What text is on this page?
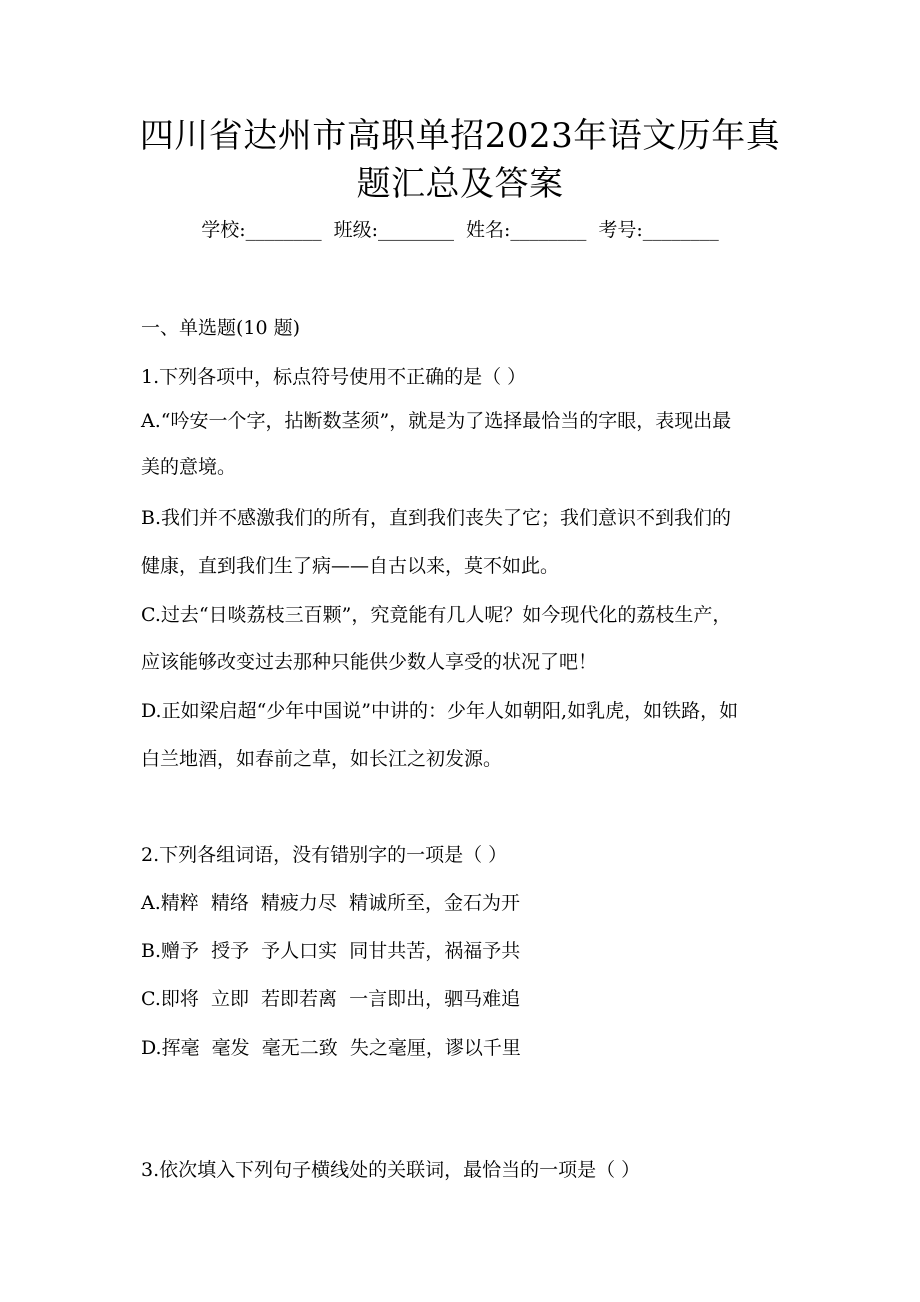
四川省达州市高职单招2023年语文历年真
题汇总及答案
学校:________ 班级:________ 姓名:________ 考号:________
一、单选题(10 题)
1.下列各项中，标点符号使用不正确的是（ ）
A.“吟安一个字，拈断数茎须”，就是为了选择最恰当的字眼，表现出最
美的意境。
B.我们并不感激我们的所有，直到我们丧失了它；我们意识不到我们的
健康，直到我们生了病——自古以来，莫不如此。
C.过去“日啖荔枝三百颗”，究竟能有几人呢？如今现代化的荔枝生产，
应该能够改变过去那种只能供少数人享受的状况了吧！
D.正如梁启超“少年中国说”中讲的：少年人如朝阳,如乳虎，如铁路，如
白兰地酒，如春前之草，如长江之初发源。
2.下列各组词语，没有错别字的一项是（ ）
A.精粹  精络  精疲力尽  精诚所至，金石为开
B.赠予  授予  予人口实  同甘共苦，祸福予共
C.即将  立即  若即若离  一言即出，驷马难追
D.挥毫  毫发  毫无二致  失之毫厘，谬以千里
3.依次填入下列句子横线处的关联词，最恰当的一项是（ ）
